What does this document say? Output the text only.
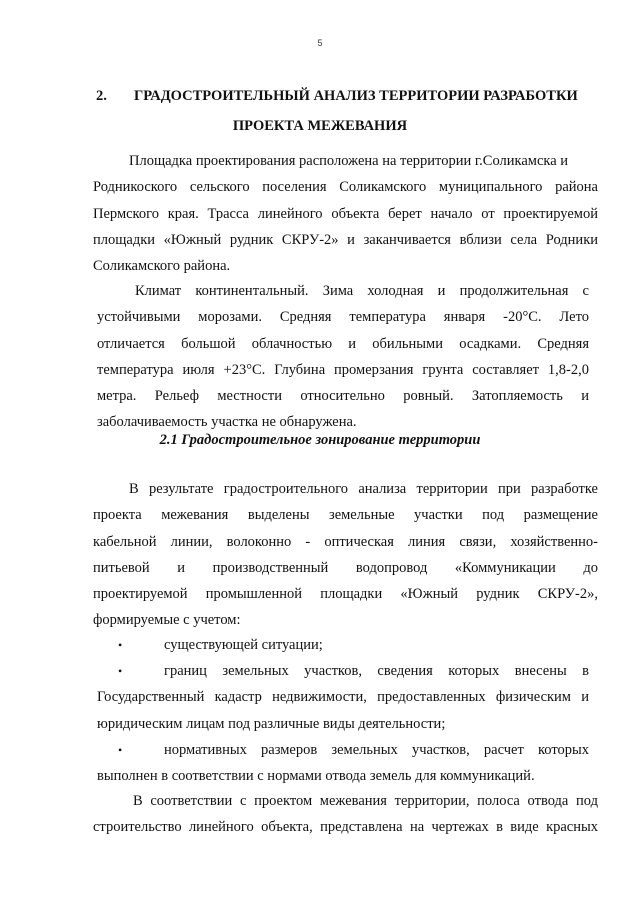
5
2. ГРАДОСТРОИТЕЛЬНЫЙ АНАЛИЗ ТЕРРИТОРИИ РАЗРАБОТКИ
ПРОЕКТА МЕЖЕВАНИЯ
Площадка проектирования расположена на территории г.Соликамска и
Родникоского сельского поселения Соликамского муниципального района
Пермского края. Трасса линейного объекта берет начало от проектируемой
площадки «Южный рудник СКРУ-2» и заканчивается вблизи села Родники
Соликамского района.
Климат континентальный. Зима холодная и продолжительная с
устойчивыми морозами. Средняя температура января -20°С. Лето
отличается большой облачностью и обильными осадками. Средняя
температура июля +23°С. Глубина промерзания грунта составляет 1,8-2,0
метра. Рельеф местности относительно ровный. Затопляемость и
заболачиваемость участка не обнаружена.
2.1 Градостроительное зонирование территории
В результате градостроительного анализа территории при разработке
проекта межевания выделены земельные участки под размещение
кабельной линии, волоконно - оптическая линия связи, хозяйственно-
питьевой и производственный водопровод «Коммуникации до
проектируемой промышленной площадки «Южный рудник СКРУ-2»,
формируемые с учетом:
•	существующей ситуации;
•	границ земельных участков, сведения которых внесены в
Государственный кадастр недвижимости, предоставленных физическим и
юридическим лицам под различные виды деятельности;
•	нормативных размеров земельных участков, расчет которых
выполнен в соответствии с нормами отвода земель для коммуникаций.
В соответствии с проектом межевания территории, полоса отвода под
строительство линейного объекта, представлена на чертежах в виде красных
